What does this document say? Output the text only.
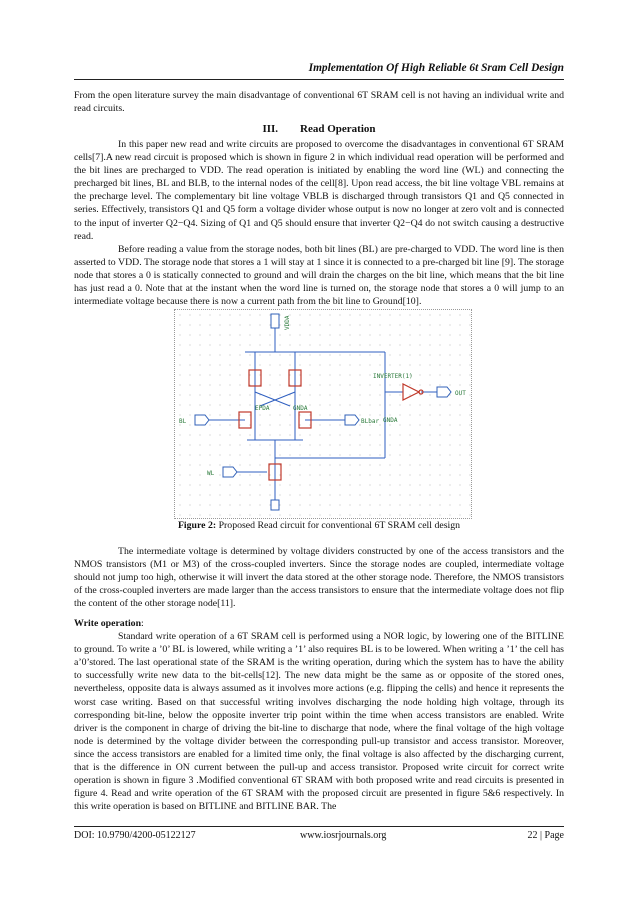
Implementation Of High Reliable 6t Sram Cell Design

From the open literature survey the main disadvantage of conventional 6T SRAM cell is not having an individual write and read circuits.

III. Read Operation

In this paper new read and write circuits are proposed to overcome the disadvantages in conventional 6T SRAM cells[7].A new read circuit is proposed which is shown in figure 2 in which individual read operation will be performed and the bit lines are precharged to VDD. The read operation is initiated by enabling the word line (WL) and connecting the precharged bit lines, BL and BLB, to the internal nodes of the cell[8]. Upon read access, the bit line voltage VBL remains at the precharge level. The complementary bit line voltage VBLB is discharged through transistors Q1 and Q5 connected in series. Effectively, transistors Q1 and Q5 form a voltage divider whose output is now no longer at zero volt and is connected to the input of inverter Q2−Q4. Sizing of Q1 and Q5 should ensure that inverter Q2−Q4 do not switch causing a destructive read.

Before reading a value from the storage nodes, both bit lines (BL) are pre-charged to VDD. The word line is then asserted to VDD. The storage node that stores a 1 will stay at 1 since it is connected to a pre-charged bit line [9]. The storage node that stores a 0 is statically connected to ground and will drain the charges on the bit line, which means that the bit line has just read a 0. Note that at the instant when the word line is turned on, the storage node that stores a 0 will jump to an intermediate voltage because there is now a current path from the bit line to Ground[10].

VDDA
GNDA
INVERTER(1)
GNDA
OUT
BL	BLbar
WL
EPDA
Figure 2: Proposed Read circuit for conventional 6T SRAM cell design

The intermediate voltage is determined by voltage dividers constructed by one of the access transistors and the NMOS transistors (M1 or M3) of the cross-coupled inverters. Since the storage nodes are coupled, intermediate voltage should not jump too high, otherwise it will invert the data stored at the other storage node. Therefore, the NMOS transistors of the cross-coupled inverters are made larger than the access transistors to ensure that the intermediate voltage does not flip the content of the other storage node[11].

Write operation:

Standard write operation of a 6T SRAM cell is performed using a NOR logic, by lowering one of the BITLINE to ground. To write a ’0’ BL is lowered, while writing a ’1’ also requires BL is to be lowered. When writing a ’1’ the cell has a’0’stored. The last operational state of the SRAM is the writing operation, during which the system has to have the ability to successfully write new data to the bit-cells[12]. The new data might be the same as or opposite of the stored ones, nevertheless, opposite data is always assumed as it involves more actions (e.g. flipping the cells) and hence it represents the worst case writing. Based on that successful writing involves discharging the node holding high voltage, through its corresponding bit-line, below the opposite inverter trip point within the time when access transistors are enabled. Write driver is the component in charge of driving the bit-line to discharge that node, where the final voltage of the high voltage node is determined by the voltage divider between the corresponding pull-up transistor and access transistor. Moreover, since the access transistors are enabled for a limited time only, the final voltage is also affected by the discharging current, that is the difference in ON current between the pull-up and access transistor. Proposed write circuit for correct write operation is shown in figure 3 .Modified conventional 6T SRAM with both proposed write and read circuits is presented in figure 4. Read and write operation of the 6T SRAM with the proposed circuit are presented in figure 5&6 respectively. In this write operation is based on BITLINE and BITLINE BAR. The

DOI: 10.9790/4200-05122127	www.iosrjournals.org	22 | Page
